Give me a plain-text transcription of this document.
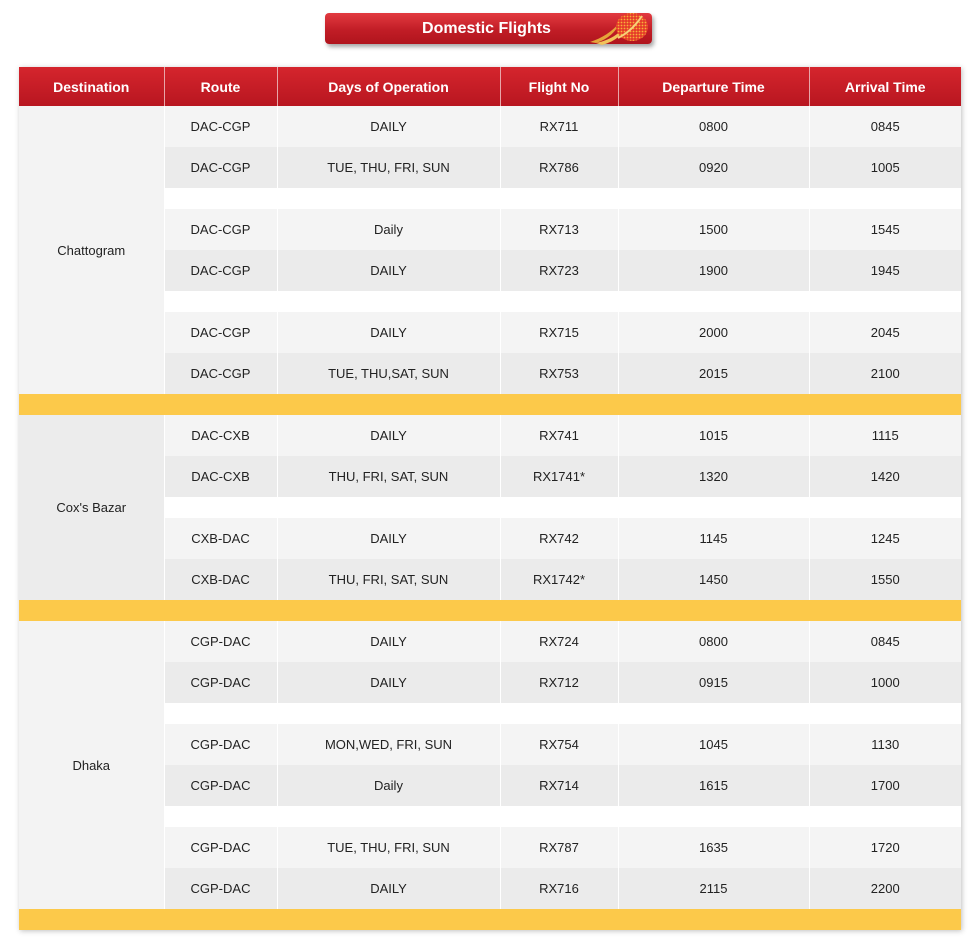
Domestic Flights
Destination	Route	Days of Operation	Flight No	Departure Time	Arrival Time
Chattogram	DAC-CGP	DAILY	RX711	0800	0845
	DAC-CGP	TUE, THU, FRI, SUN	RX786	0920	1005

	DAC-CGP	Daily	RX713	1500	1545
	DAC-CGP	DAILY	RX723	1900	1945

	DAC-CGP	DAILY	RX715	2000	2045
	DAC-CGP	TUE, THU,SAT, SUN	RX753	2015	2100

Cox's Bazar	DAC-CXB	DAILY	RX741	1015	1115
	DAC-CXB	THU, FRI, SAT, SUN	RX1741*	1320	1420

	CXB-DAC	DAILY	RX742	1145	1245
	CXB-DAC	THU, FRI, SAT, SUN	RX1742*	1450	1550

Dhaka	CGP-DAC	DAILY	RX724	0800	0845
	CGP-DAC	DAILY	RX712	0915	1000

	CGP-DAC	MON,WED, FRI, SUN	RX754	1045	1130
	CGP-DAC	Daily	RX714	1615	1700

	CGP-DAC	TUE, THU, FRI, SUN	RX787	1635	1720
	CGP-DAC	DAILY	RX716	2115	2200
